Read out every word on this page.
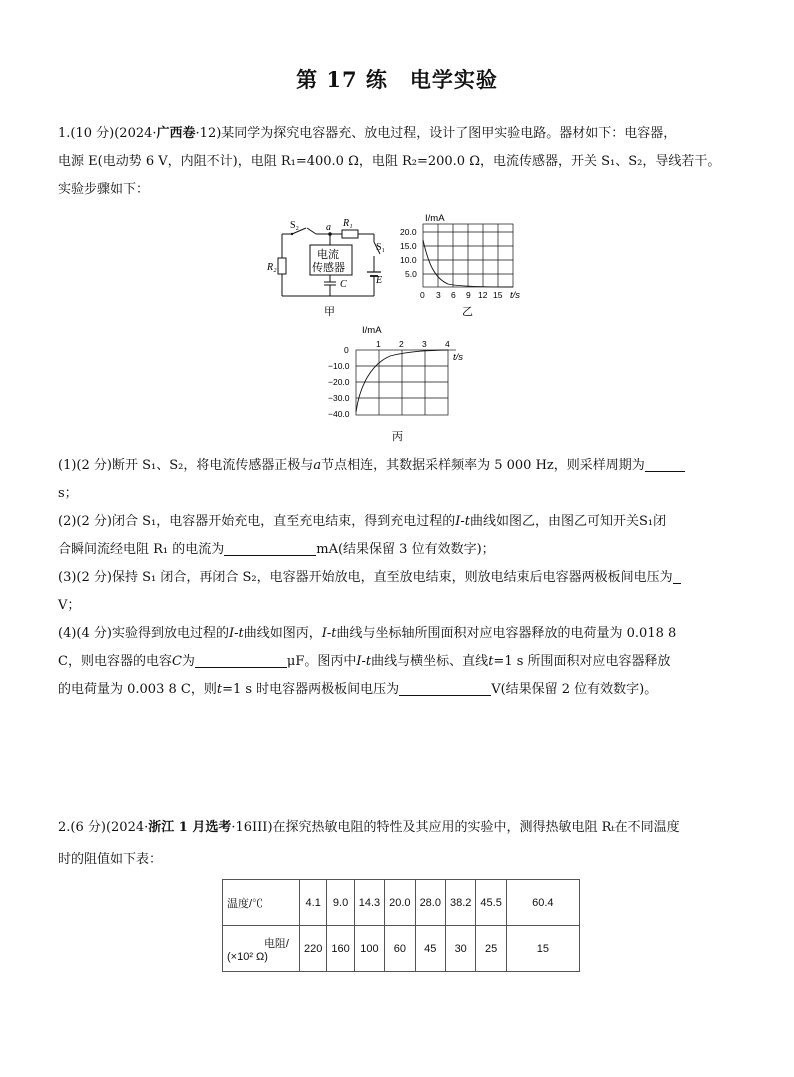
第 17 练　电学实验
1.(10 分)(2024·广西卷·12)某同学为探究电容器充、放电过程，设计了图甲实验电路。器材如下：电容器，
电源 E(电动势 6 V，内阻不计)，电阻 R₁=400.0 Ω，电阻 R₂=200.0 Ω，电流传感器，开关 S₁、S₂，导线若干。
实验步骤如下：
S₂	a R₁
S₁
电流
传感器
R₂
C	E
甲
I/mA
20.0
15.0
10.0
5.0
0 3 6 9 12 15 t/s
乙
I/mA
1 2 3 4
0
−10.0
−20.0
−30.0
−40.0
t/s
丙
(1)(2 分)断开 S₁、S₂，将电流传感器正极与a节点相连，其数据采样频率为 5 000 Hz，则采样周期为
s；
(2)(2 分)闭合 S₁，电容器开始充电，直至充电结束，得到充电过程的I-t曲线如图乙，由图乙可知开关S₁闭
合瞬间流经电阻 R₁ 的电流为	mA(结果保留 3 位有效数字)；
(3)(2 分)保持 S₁ 闭合，再闭合 S₂，电容器开始放电，直至放电结束，则放电结束后电容器两极板间电压为
V；
(4)(4 分)实验得到放电过程的I-t曲线如图丙，I-t曲线与坐标轴所围面积对应电容器释放的电荷量为 0.018 8
C，则电容器的电容C为	μF。图丙中I-t曲线与横坐标、直线t=1 s 所围面积对应电容器释放
的电荷量为 0.003 8 C，则t=1 s 时电容器两极板间电压为	V(结果保留 2 位有效数字)。
2.(6 分)(2024·浙江 1 月选考·16III)在探究热敏电阻的特性及其应用的实验中，测得热敏电阻 Rₜ在不同温度
时的阻值如下表：
温度/℃	4.1	9.0	14.3	20.0	28.0	38.2	45.5	60.4

电阻/
(×10² Ω)	220	160	100	60	45	30	25	15
